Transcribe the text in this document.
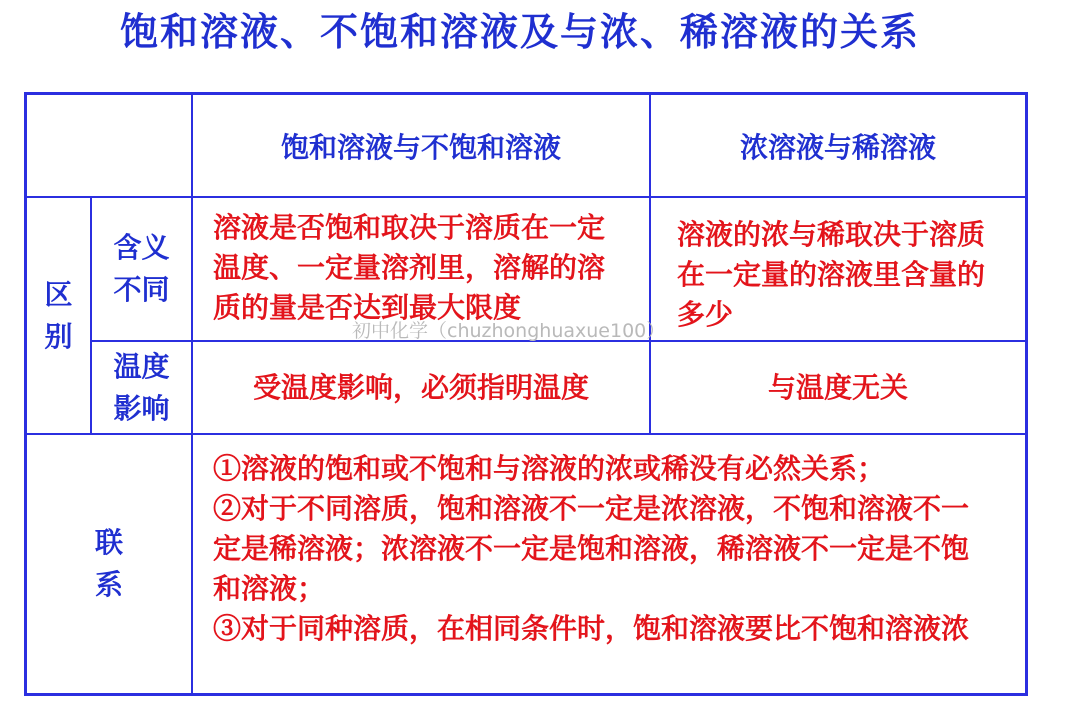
饱和溶液、不饱和溶液及与浓、稀溶液的关系
饱和溶液与不饱和溶液	浓溶液与稀溶液
区
别
含义
不同
溶液是否饱和取决于溶质在一定温度、一定量溶剂里，溶解的溶质的量是否达到最大限度
溶液的浓与稀取决于溶质在一定量的溶液里含量的多少
温度
影响
受温度影响，必须指明温度	与温度无关
联
系
①溶液的饱和或不饱和与溶液的浓或稀没有必然关系；
②对于不同溶质，饱和溶液不一定是浓溶液，不饱和溶液不一定是稀溶液；浓溶液不一定是饱和溶液，稀溶液不一定是不饱和溶液；
③对于同种溶质，在相同条件时，饱和溶液要比不饱和溶液浓
初中化学（chuzhonghuaxue100）
